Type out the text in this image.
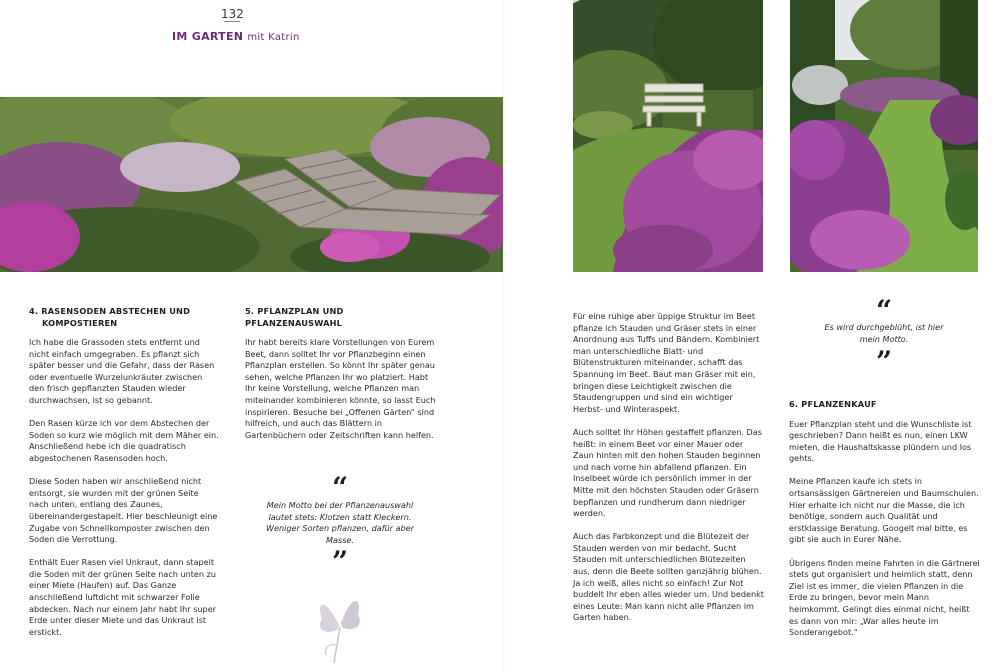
132
IM GARTEN mit Katrin
4. RASENSODEN ABSTECHEN UND
KOMPOSTIEREN

Ich habe die Grassoden stets entfernt und nicht einfach umgegraben. Es pflanzt sich später besser und die Gefahr, dass der Rasen oder eventuelle Wurzelunkräuter zwischen den frisch gepflanzten Stauden wieder durchwachsen, ist so gebannt.

Den Rasen kürze ich vor dem Abstechen der Soden so kurz wie möglich mit dem Mäher ein. Anschließend hebe ich die quadratisch abgestochenen Rasensoden hoch.

Diese Soden haben wir anschließend nicht entsorgt, sie wurden mit der grünen Seite nach unten, entlang des Zaunes, übereinandergestapelt. Hier beschleunigt eine Zugabe von Schnellkomposter zwischen den Soden die Verrottung.

Enthält Euer Rasen viel Unkraut, dann stapelt die Soden mit der grünen Seite nach unten zu einer Miete (Haufen) auf. Das Ganze anschließend luftdicht mit schwarzer Folie abdecken. Nach nur einem Jahr habt Ihr super Erde unter dieser Miete und das Unkraut ist erstickt.

5. PFLANZPLAN UND
PFLANZENAUSWAHL

Ihr habt bereits klare Vorstellungen von Eurem Beet, dann solltet Ihr vor Pflanzbeginn einen Pflanzplan erstellen. So könnt Ihr später genau sehen, welche Pflanzen Ihr wo platziert. Habt Ihr keine Vorstellung, welche Pflanzen man miteinander kombinieren könnte, so lasst Euch inspirieren. Besuche bei „Offenen Gärten“ sind hilfreich, und auch das Blättern in Gartenbüchern oder Zeitschriften kann helfen.

“
Mein Motto bei der Pflanzenauswahl lautet stets: Klotzen statt Kleckern. Weniger Sorten pflanzen, dafür aber Masse.
”

Für eine ruhige aber üppige Struktur im Beet pflanze ich Stauden und Gräser stets in einer Anordnung aus Tuffs und Bändern. Kombiniert man unterschiedliche Blatt- und Blütenstrukturen miteinander, schafft das Spannung im Beet. Baut man Gräser mit ein, bringen diese Leichtigkeit zwischen die Staudengruppen und sind ein wichtiger Herbst- und Winteraspekt.

Auch solltet Ihr Höhen gestaffelt pflanzen. Das heißt: in einem Beet vor einer Mauer oder Zaun hinten mit den hohen Stauden beginnen und nach vorne hin abfallend pflanzen. Ein Inselbeet würde ich persönlich immer in der Mitte mit den höchsten Stauden oder Gräsern bepflanzen und rundherum dann niedriger werden.

Auch das Farbkonzept und die Blütezeit der Stauden werden von mir bedacht. Sucht Stauden mit unterschiedlichen Blütezeiten aus, denn die Beete sollten ganzjährig blühen. Ja ich weiß, alles nicht so einfach! Zur Not buddelt Ihr eben alles wieder um. Und bedenkt eines Leute: Man kann nicht alle Pflanzen im Garten haben.

“
Es wird durchgeblüht, ist hier mein Motto.
”
6. PFLANZENKAUF

Euer Pflanzplan steht und die Wunschliste ist geschrieben? Dann heißt es nun, einen LKW mieten, die Haushaltskasse plündern und los gehts.

Meine Pflanzen kaufe ich stets in ortsansässigen Gärtnereien und Baumschulen. Hier erhalte ich nicht nur die Masse, die ich benötige, sondern auch Qualität und erstklassige Beratung. Googelt mal bitte, es gibt sie auch in Eurer Nähe.

Übrigens finden meine Fahrten in die Gärtnerei stets gut organisiert und heimlich statt, denn Ziel ist es immer, die vielen Pflanzen in die Erde zu bringen, bevor mein Mann heimkommt. Gelingt dies einmal nicht, heißt es dann von mir: „War alles heute im Sonderangebot.“
